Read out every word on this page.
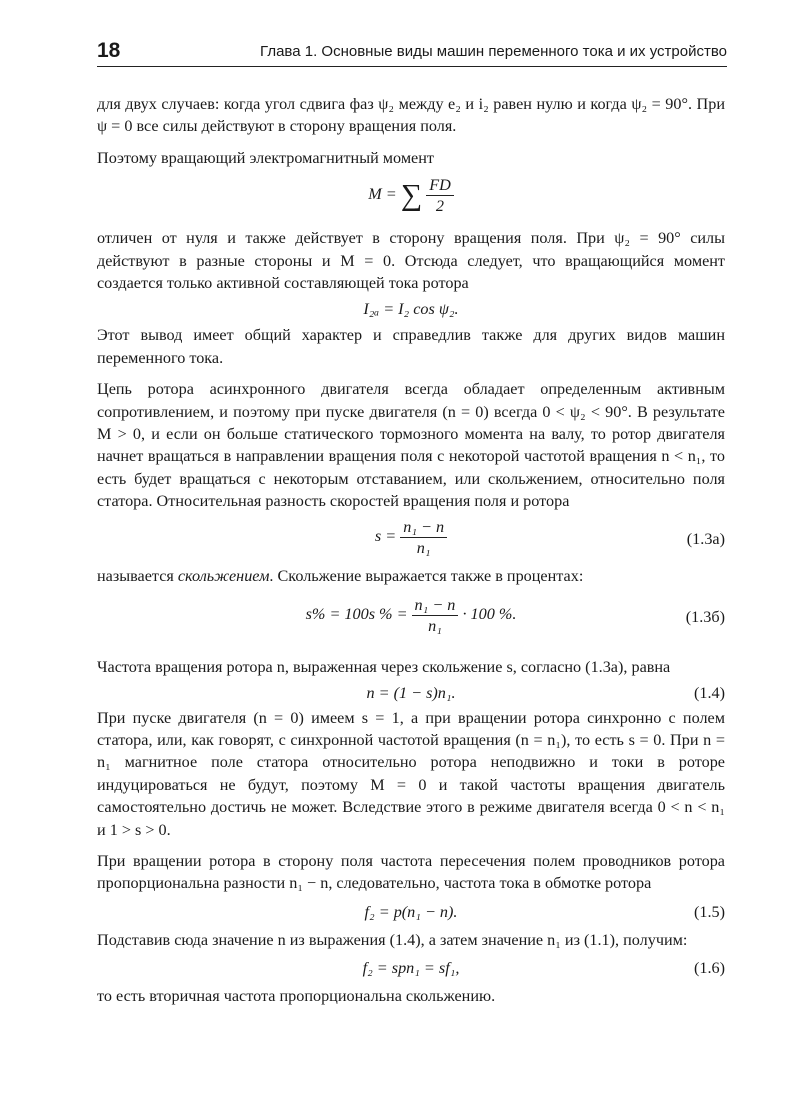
18	Глава 1. Основные виды машин переменного тока и их устройство

для двух случаев: когда угол сдвига фаз ψ₂ между e₂ и i₂ равен нулю и когда ψ₂ = 90°. При ψ = 0 все силы действуют в сторону вращения поля.

Поэтому вращающий электромагнитный момент

M = ∑ $\frac{FD}{2}$

отличен от нуля и также действует в сторону вращения поля. При ψ₂ = 90° силы действуют в разные стороны и M = 0. Отсюда следует, что вращающийся момент создается только активной составляющей тока ротора

I₂ₐ = I₂ cos ψ₂.

Этот вывод имеет общий характер и справедлив также для других видов машин переменного тока.

Цепь ротора асинхронного двигателя всегда обладает определенным активным сопротивлением, и поэтому при пуске двигателя (n = 0) всегда 0 < ψ₂ < 90°. В результате M > 0, и если он больше статического тормозного момента на валу, то ротор двигателя начнет вращаться в направлении вращения поля с некоторой частотой вращения n < n₁, то есть будет вращаться с некоторым отставанием, или скольжением, относительно поля статора. Относительная разность скоростей вращения поля и ротора

$s = \frac{\text{n₁ − n}}{\text{n₁}}$	(1.3а)

называется скольжением. Скольжение выражается также в процентах:

s% = 100s % = $\frac{\text{n₁ − n}}{\text{n₁}} \cdot 100$ %.	(1.3б)

Частота вращения ротора n, выраженная через скольжение s, согласно (1.3а), равна

n = (1 − s)n₁.	(1.4)

При пуске двигателя (n = 0) имеем s = 1, а при вращении ротора синхронно с полем статора, или, как говорят, с синхронной частотой вращения (n = n₁), то есть s = 0. При n = n₁ магнитное поле статора относительно ротора неподвижно и токи в роторе индуцироваться не будут, поэтому M = 0 и такой частоты вращения двигатель самостоятельно достичь не может. Вследствие этого в режиме двигателя всегда 0 < n < n₁ и 1 > s > 0.

При вращении ротора в сторону поля частота пересечения полем проводников ротора пропорциональна разности n₁ − n, следовательно, частота тока в обмотке ротора

f₂ = p(n₁ − n).	(1.5)

Подставив сюда значение n из выражения (1.4), а затем значение n₁ из (1.1), получим:

f₂ = spn₁ = sf₁,	(1.6)

то есть вторичная частота пропорциональна скольжению.
